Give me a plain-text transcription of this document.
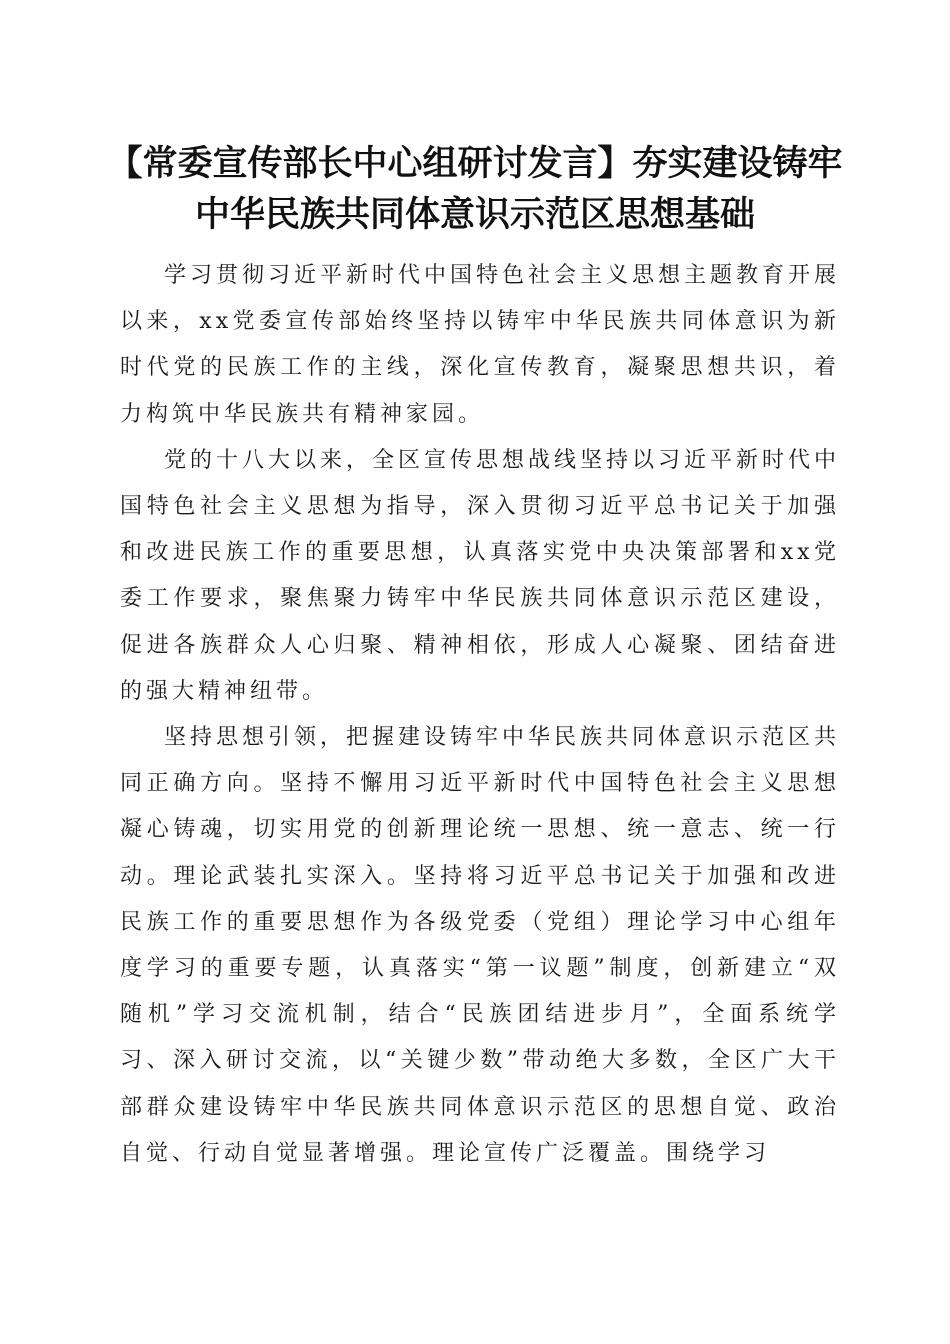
【常委宣传部长中心组研讨发言】夯实建设铸牢中华民族共同体意识示范区思想基础

学习贯彻习近平新时代中国特色社会主义思想主题教育开展以来，xx党委宣传部始终坚持以铸牢中华民族共同体意识为新时代党的民族工作的主线，深化宣传教育，凝聚思想共识，着力构筑中华民族共有精神家园。

党的十八大以来，全区宣传思想战线坚持以习近平新时代中国特色社会主义思想为指导，深入贯彻习近平总书记关于加强和改进民族工作的重要思想，认真落实党中央决策部署和xx党委工作要求，聚焦聚力铸牢中华民族共同体意识示范区建设，促进各族群众人心归聚、精神相依，形成人心凝聚、团结奋进的强大精神纽带。

坚持思想引领，把握建设铸牢中华民族共同体意识示范区共同正确方向。坚持不懈用习近平新时代中国特色社会主义思想凝心铸魂，切实用党的创新理论统一思想、统一意志、统一行动。理论武装扎实深入。坚持将习近平总书记关于加强和改进民族工作的重要思想作为各级党委（党组）理论学习中心组年度学习的重要专题，认真落实“第一议题”制度，创新建立“双随机”学习交流机制，结合“民族团结进步月”，全面系统学习、深入研讨交流，以“关键少数”带动绝大多数，全区广大干部群众建设铸牢中华民族共同体意识示范区的思想自觉、政治自觉、行动自觉显著增强。理论宣传广泛覆盖。围绕学习
